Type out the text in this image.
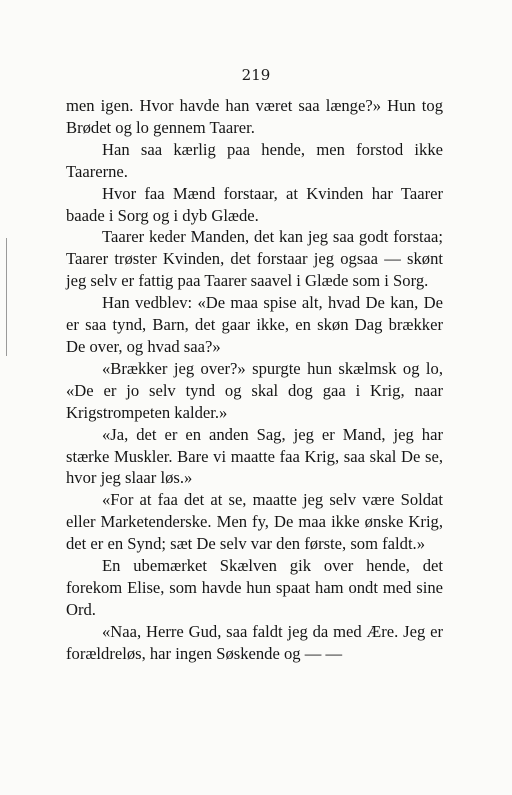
219

men igen. Hvor havde han været saa længe?» Hun tog Brødet og lo gennem Taarer.

Han saa kærlig paa hende, men forstod ikke Taarerne.

Hvor faa Mænd forstaar, at Kvinden har Taarer baade i Sorg og i dyb Glæde.

Taarer keder Manden, det kan jeg saa godt forstaa; Taarer trøster Kvinden, det forstaar jeg ogsaa — skønt jeg selv er fattig paa Taarer saavel i Glæde som i Sorg.

Han vedblev: «De maa spise alt, hvad De kan, De er saa tynd, Barn, det gaar ikke, en skøn Dag brækker De over, og hvad saa?»

«Brækker jeg over?» spurgte hun skælmsk og lo, «De er jo selv tynd og skal dog gaa i Krig, naar Krigstrompeten kalder.»

«Ja, det er en anden Sag, jeg er Mand, jeg har stærke Muskler. Bare vi maatte faa Krig, saa skal De se, hvor jeg slaar løs.»

«For at faa det at se, maatte jeg selv være Soldat eller Marketenderske. Men fy, De maa ikke ønske Krig, det er en Synd; sæt De selv var den første, som faldt.»

En ubemærket Skælven gik over hende, det forekom Elise, som havde hun spaat ham ondt med sine Ord.

«Naa, Herre Gud, saa faldt jeg da med Ære. Jeg er forældreløs, har ingen Søskende og — —
